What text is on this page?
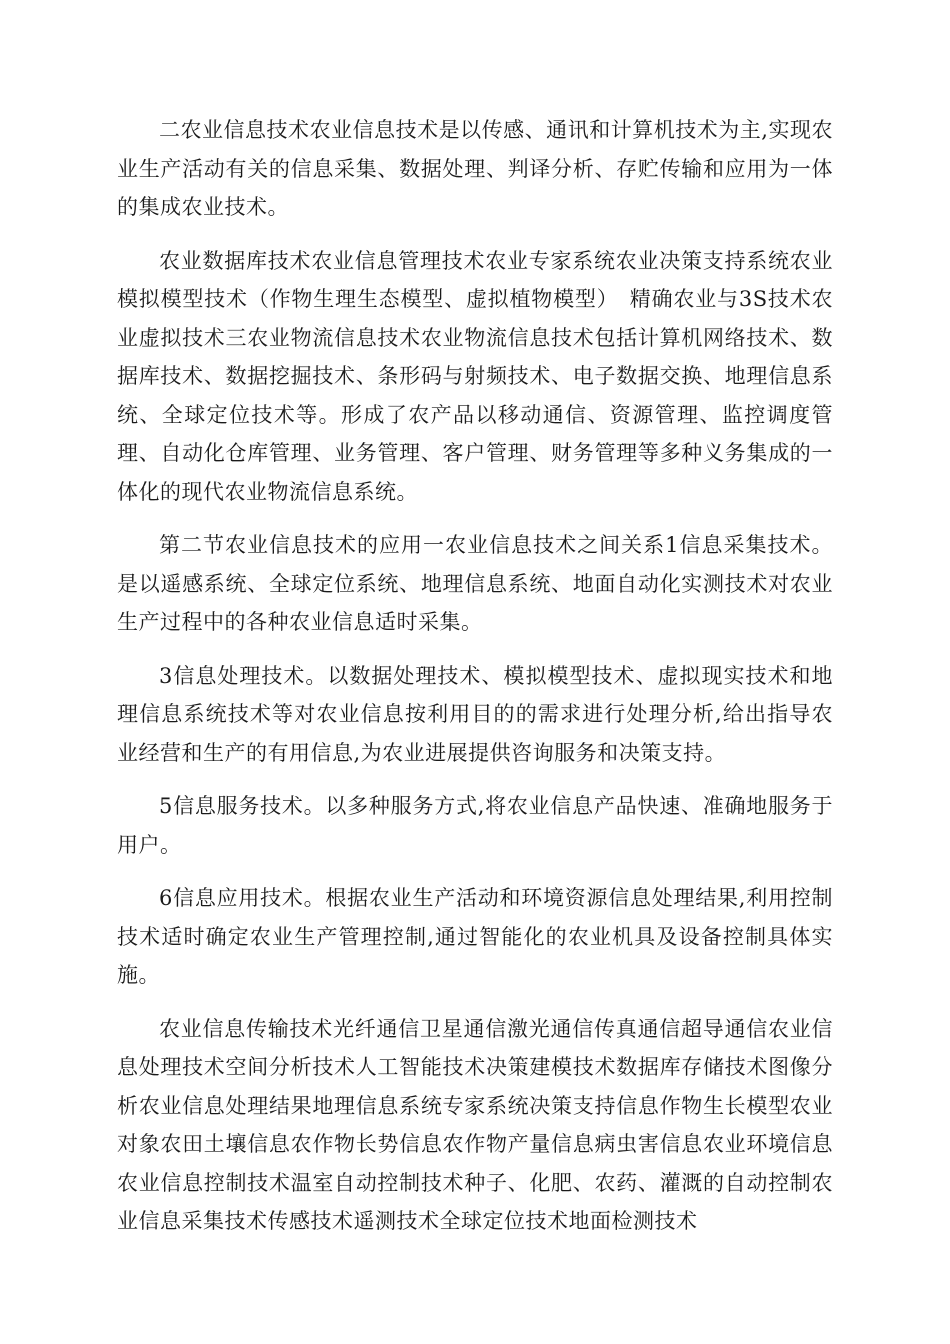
二农业信息技术农业信息技术是以传感、通讯和计算机技术为主,实现农业生产活动有关的信息采集、数据处理、判译分析、存贮传输和应用为一体的集成农业技术。

农业数据库技术农业信息管理技术农业专家系统农业决策支持系统农业模拟模型技术（作物生理生态模型、虚拟植物模型）　精确农业与3S技术农业虚拟技术三农业物流信息技术农业物流信息技术包括计算机网络技术、数据库技术、数据挖掘技术、条形码与射频技术、电子数据交换、地理信息系统、全球定位技术等。形成了农产品以移动通信、资源管理、监控调度管理、自动化仓库管理、业务管理、客户管理、财务管理等多种义务集成的一体化的现代农业物流信息系统。

第二节农业信息技术的应用一农业信息技术之间关系1信息采集技术。是以遥感系统、全球定位系统、地理信息系统、地面自动化实测技术对农业生产过程中的各种农业信息适时采集。

3信息处理技术。以数据处理技术、模拟模型技术、虚拟现实技术和地理信息系统技术等对农业信息按利用目的的需求进行处理分析,给出指导农业经营和生产的有用信息,为农业进展提供咨询服务和决策支持。

5信息服务技术。以多种服务方式,将农业信息产品快速、准确地服务于用户。

6信息应用技术。根据农业生产活动和环境资源信息处理结果,利用控制技术适时确定农业生产管理控制,通过智能化的农业机具及设备控制具体实施。

农业信息传输技术光纤通信卫星通信激光通信传真通信超导通信农业信息处理技术空间分析技术人工智能技术决策建模技术数据库存储技术图像分析农业信息处理结果地理信息系统专家系统决策支持信息作物生长模型农业对象农田土壤信息农作物长势信息农作物产量信息病虫害信息农业环境信息农业信息控制技术温室自动控制技术种子、化肥、农药、灌溉的自动控制农业信息采集技术传感技术遥测技术全球定位技术地面检测技术
